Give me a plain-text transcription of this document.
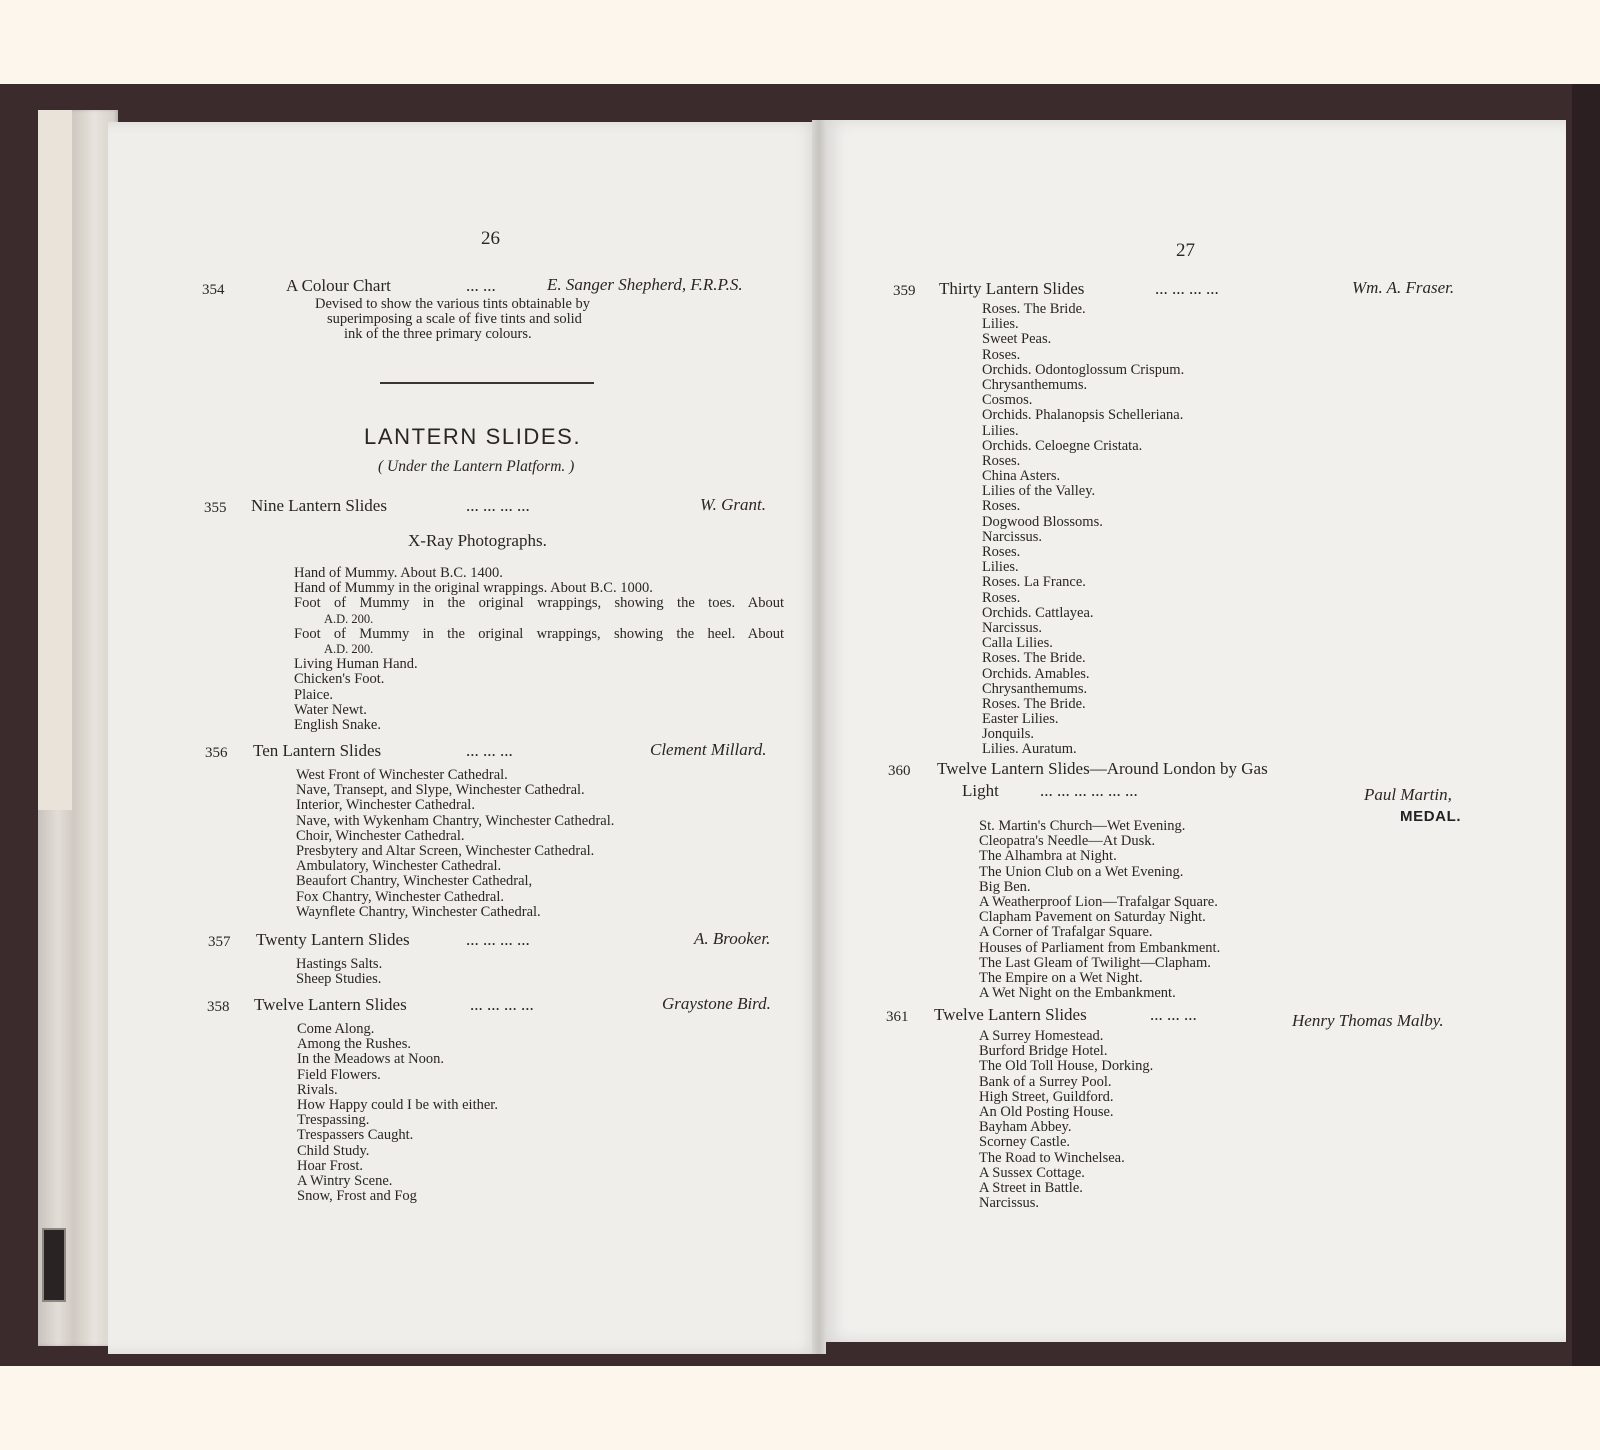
26
354	A Colour Chart	... ...	E. Sanger Shepherd, F.R.P.S.
Devised to show the various tints obtainable by
superimposing a scale of five tints and solid
ink of the three primary colours.
LANTERN SLIDES.
( Under the Lantern Platform. )
355 Nine Lantern Slides	... ... ... ...	W. Grant.
X-Ray Photographs.
Hand of Mummy. About B.C. 1400.
Hand of Mummy in the original wrappings. About B.C. 1000.
Foot of Mummy in the original wrappings, showing the toes. About
A.D. 200.
Foot of Mummy in the original wrappings, showing the heel. About
A.D. 200.
Living Human Hand.
Chicken's Foot.
Plaice.
Water Newt.
English Snake.
356 Ten Lantern Slides	... ... ...	Clement Millard.
West Front of Winchester Cathedral.
Nave, Transept, and Slype, Winchester Cathedral.
Interior, Winchester Cathedral.
Nave, with Wykenham Chantry, Winchester Cathedral.
Choir, Winchester Cathedral.
Presbytery and Altar Screen, Winchester Cathedral.
Ambulatory, Winchester Cathedral.
Beaufort Chantry, Winchester Cathedral,
Fox Chantry, Winchester Cathedral.
Waynflete Chantry, Winchester Cathedral.
357 Twenty Lantern Slides	... ... ... ...	A. Brooker.
Hastings Salts.
Sheep Studies.
358 Twelve Lantern Slides	... ... ... ...	Graystone Bird.
Come Along.
Among the Rushes.
In the Meadows at Noon.
Field Flowers.
Rivals.
How Happy could I be with either.
Trespassing.
Trespassers Caught.
Child Study.
Hoar Frost.
A Wintry Scene.
Snow, Frost and Fog
27
359 Thirty Lantern Slides	... ... ... ...	Wm. A. Fraser.
Roses. The Bride.
Lilies.
Sweet Peas.
Roses.
Orchids. Odontoglossum Crispum.
Chrysanthemums.
Cosmos.
Orchids. Phalanopsis Schelleriana.
Lilies.
Orchids. Celoegne Cristata.
Roses.
China Asters.
Lilies of the Valley.
Roses.
Dogwood Blossoms.
Narcissus.
Roses.
Lilies.
Roses. La France.
Roses.
Orchids. Cattlayea.
Narcissus.
Calla Lilies.
Roses. The Bride.
Orchids. Amables.
Chrysanthemums.
Roses. The Bride.
Easter Lilies.
Jonquils.
Lilies. Auratum.
360 Twelve Lantern Slides—Around London by Gas
Light ... ... ... ... ... ...	Paul Martin,
MEDAL.
St. Martin's Church—Wet Evening.
Cleopatra's Needle—At Dusk.
The Alhambra at Night.
The Union Club on a Wet Evening.
Big Ben.
A Weatherproof Lion—Trafalgar Square.
Clapham Pavement on Saturday Night.
A Corner of Trafalgar Square.
Houses of Parliament from Embankment.
The Last Gleam of Twilight—Clapham.
The Empire on a Wet Night.
A Wet Night on the Embankment.
361 Twelve Lantern Slides	... ... ...	Henry Thomas Malby.
A Surrey Homestead.
Burford Bridge Hotel.
The Old Toll House, Dorking.
Bank of a Surrey Pool.
High Street, Guildford.
An Old Posting House.
Bayham Abbey.
Scorney Castle.
The Road to Winchelsea.
A Sussex Cottage.
A Street in Battle.
Narcissus.
